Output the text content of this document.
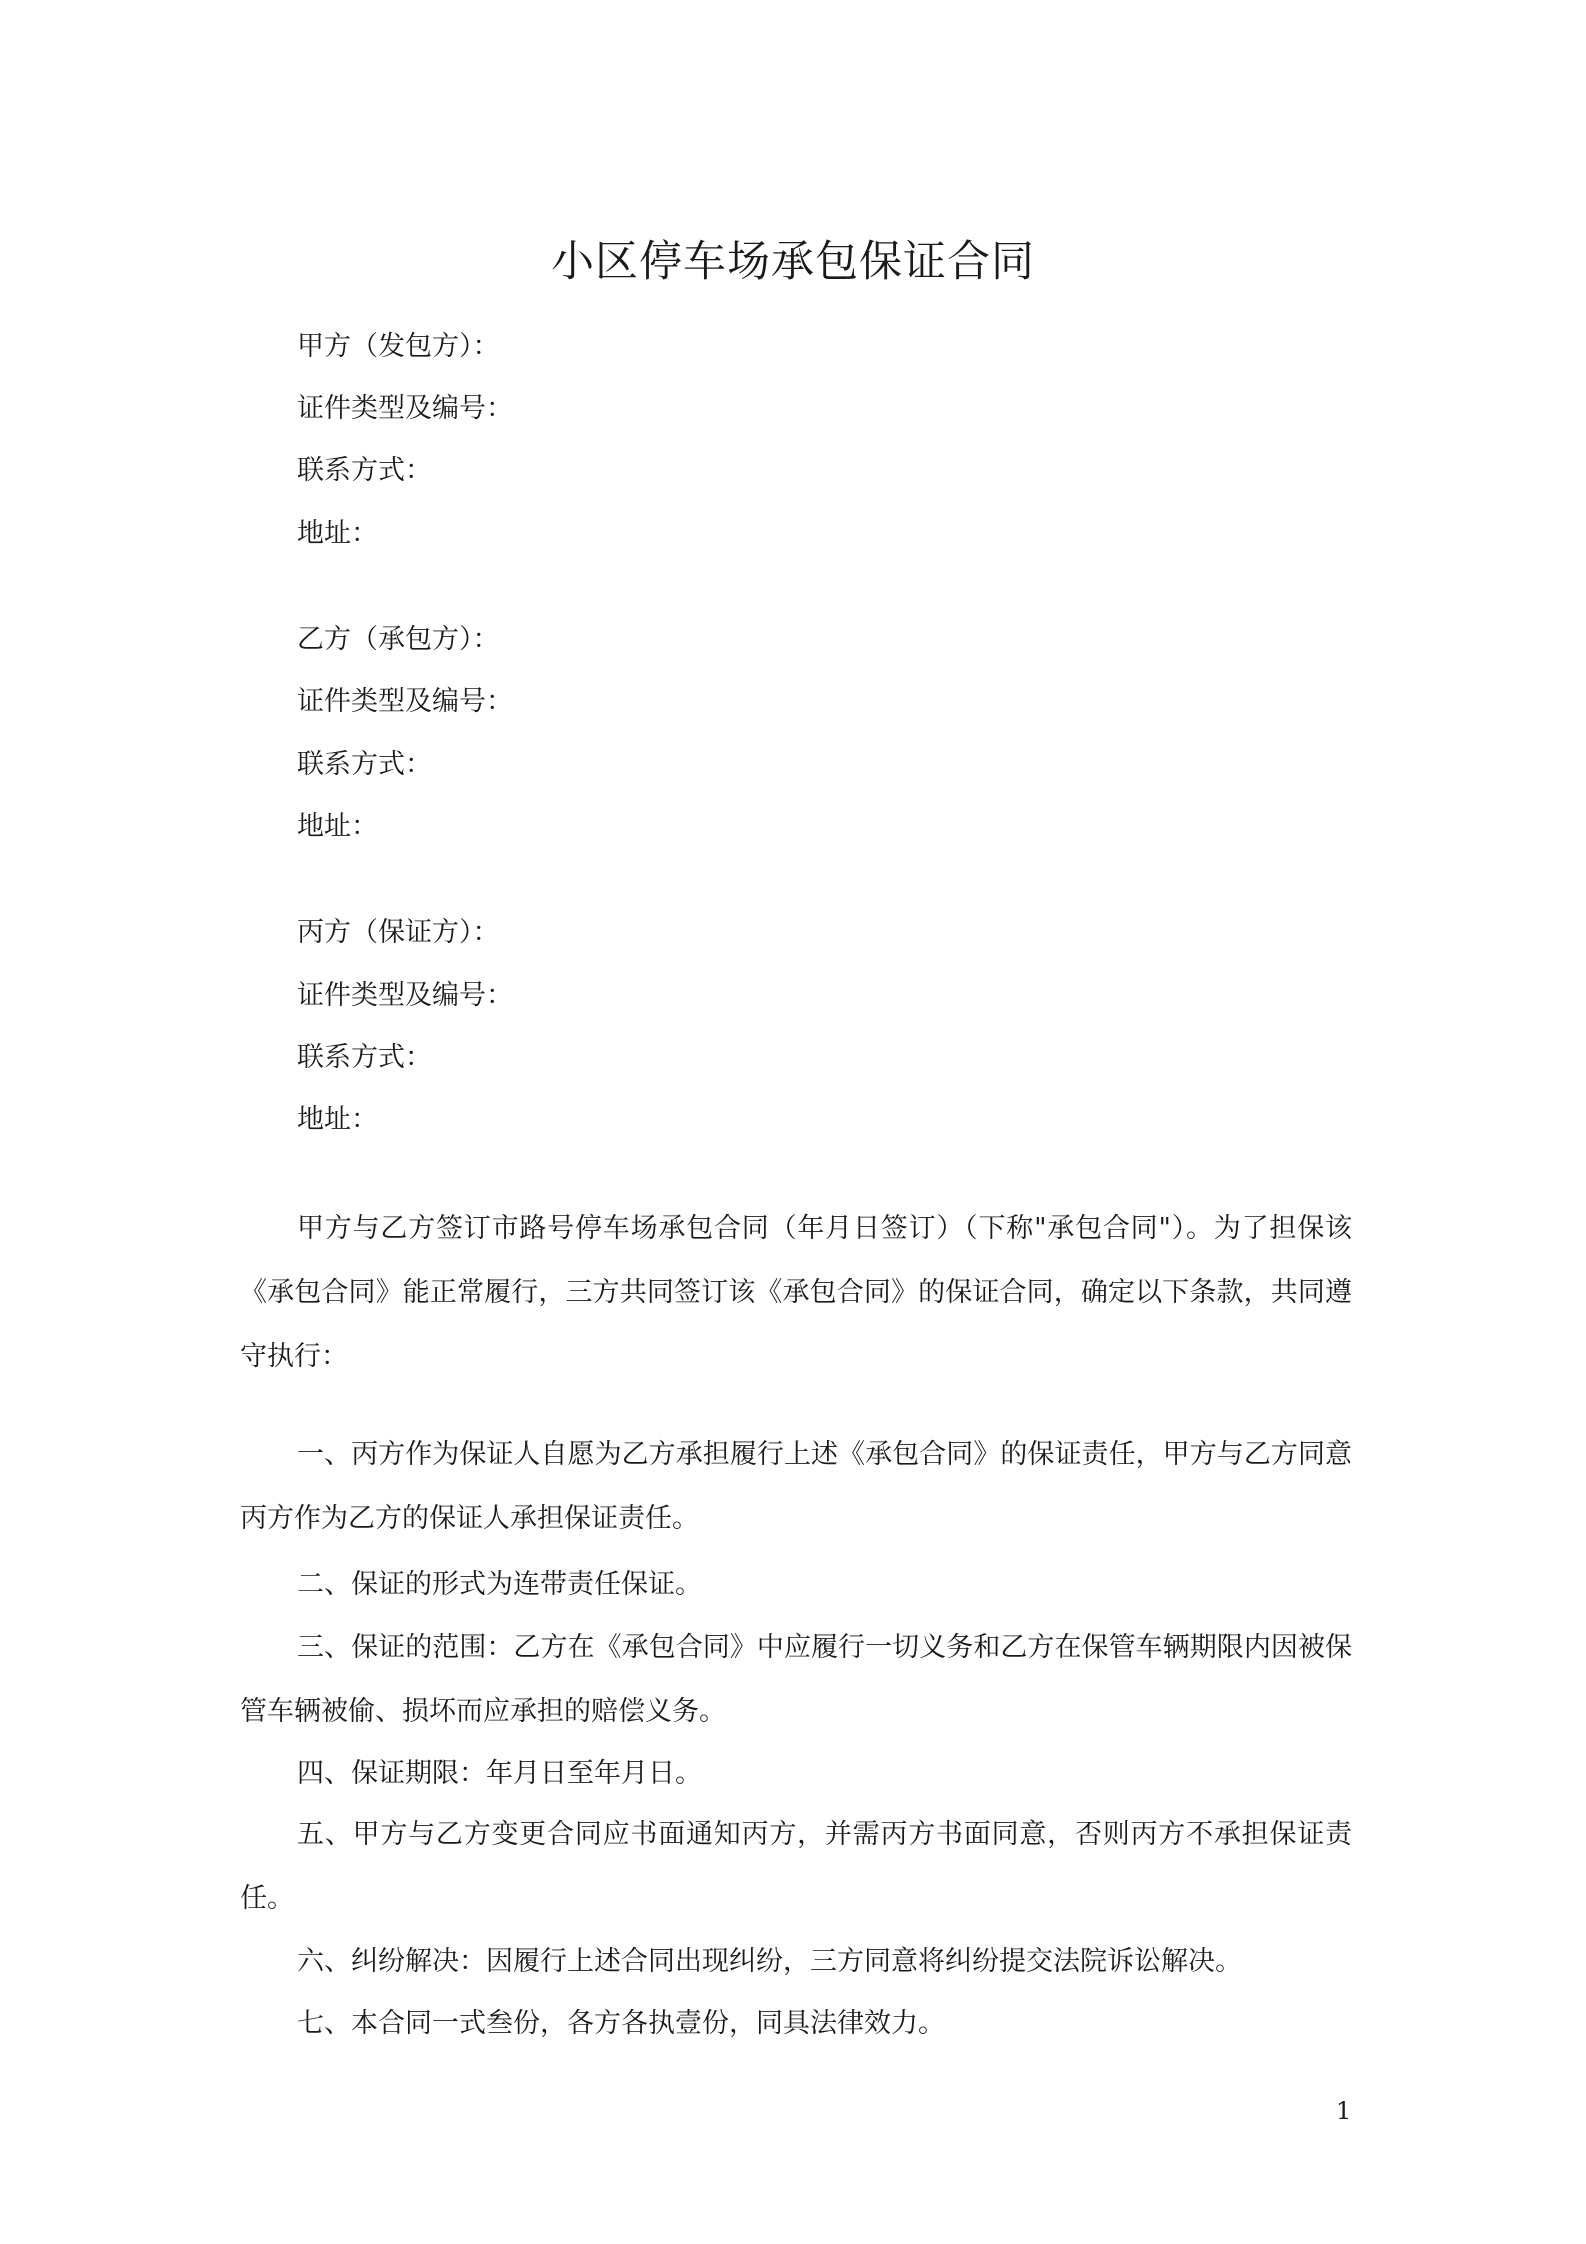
小区停车场承包保证合同
甲方（发包方）：
证件类型及编号：
联系方式：
地址：
乙方（承包方）：
证件类型及编号：
联系方式：
地址：
丙方（保证方）：
证件类型及编号：
联系方式：
地址：
甲方与乙方签订市路号停车场承包合同（年月日签订）（下称"承包合同"）。为了担保该《承包合同》能正常履行，三方共同签订该《承包合同》的保证合同，确定以下条款，共同遵守执行：
一、丙方作为保证人自愿为乙方承担履行上述《承包合同》的保证责任，甲方与乙方同意丙方作为乙方的保证人承担保证责任。
二、保证的形式为连带责任保证。
三、保证的范围：乙方在《承包合同》中应履行一切义务和乙方在保管车辆期限内因被保管车辆被偷、损坏而应承担的赔偿义务。
四、保证期限：年月日至年月日。
五、甲方与乙方变更合同应书面通知丙方，并需丙方书面同意，否则丙方不承担保证责任。
六、纠纷解决：因履行上述合同出现纠纷，三方同意将纠纷提交法院诉讼解决。
七、本合同一式叁份，各方各执壹份，同具法律效力。
1
